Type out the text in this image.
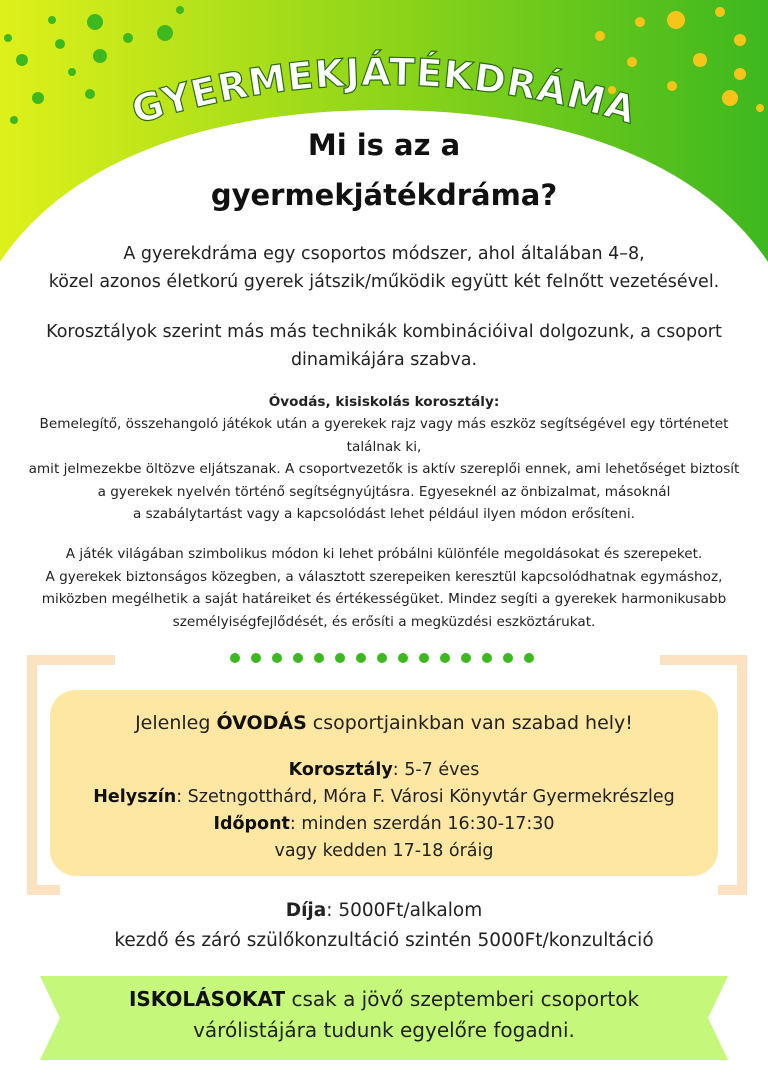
GYERMEKJÁTÉKDRÁMA
Mi is az a
gyermekjátékdráma?
A gyerekdráma egy csoportos módszer, ahol általában 4–8,
közel azonos életkorú gyerek játszik/működik együtt két felnőtt vezetésével.
Korosztályok szerint más más technikák kombinációival dolgozunk, a csoport
dinamikájára szabva.
Óvodás, kisiskolás korosztály:
Bemelegítő, összehangoló játékok után a gyerekek rajz vagy más eszköz segítségével egy történetet
találnak ki,
amit jelmezekbe öltözve eljátszanak. A csoportvezetők is aktív szereplői ennek, ami lehetőséget biztosít
a gyerekek nyelvén történő segítségnyújtásra. Egyeseknél az önbizalmat, másoknál
a szabálytartást vagy a kapcsolódást lehet például ilyen módon erősíteni.
A játék világában szimbolikus módon ki lehet próbálni különféle megoldásokat és szerepeket.
A gyerekek biztonságos közegben, a választott szerepeiken keresztül kapcsolódhatnak egymáshoz,
miközben megélhetik a saját határeiket és értékességüket. Mindez segíti a gyerekek harmonikusabb
személyiségfejlődését, és erősíti a megküzdési eszköztárukat.
Jelenleg ÓVODÁS csoportjainkban van szabad hely!
Korosztály: 5-7 éves
Helyszín: Szetngotthárd, Móra F. Városi Könyvtár Gyermekrészleg
Időpont: minden szerdán 16:30-17:30
vagy kedden 17-18 óráig
Díja: 5000Ft/alkalom
kezdő és záró szülőkonzultáció szintén 5000Ft/konzultáció
ISKOLÁSOKAT csak a jövő szeptemberi csoportok
várólistájára tudunk egyelőre fogadni.
